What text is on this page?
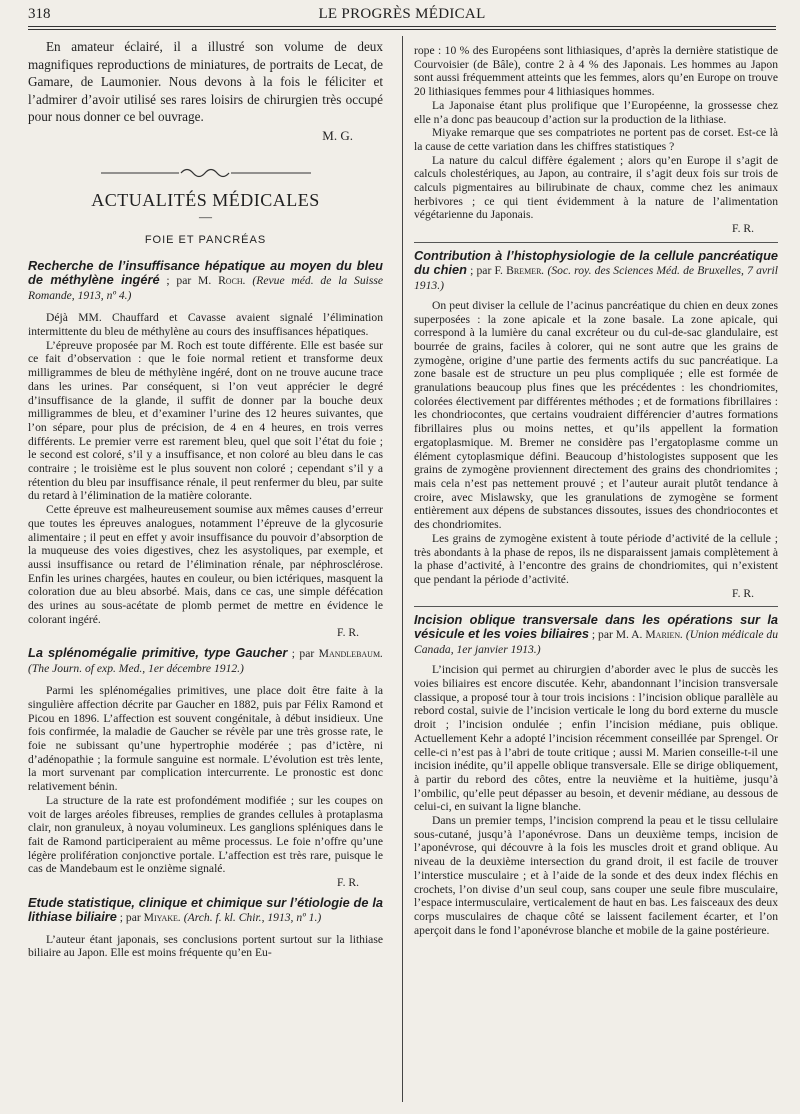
318	LE PROGRÈS MÉDICAL

En amateur éclairé, il a illustré son volume de deux magnifiques reproductions de miniatures, de portraits de Lecat, de Gamare, de Laumonier. Nous devons à la fois le féliciter et l’admirer d’avoir utilisé ses rares loisirs de chirurgien très occupé pour nous donner ce bel ouvrage.

M. G.
ACTUALITÉS MÉDICALES
—
FOIE ET PANCRÉAS

Recherche de l’insuffisance hépatique au moyen du bleu de méthylène ingéré ; par M. Roch. (Revue méd. de la Suisse Romande, 1913, nº 4.)

Déjà MM. Chauffard et Cavasse avaient signalé l’élimination intermittente du bleu de méthylène au cours des insuffisances hépatiques.

L’épreuve proposée par M. Roch est toute différente. Elle est basée sur ce fait d’observation : que le foie normal retient et transforme deux milligrammes de bleu de méthylène ingéré, dont on ne trouve aucune trace dans les urines. Par conséquent, si l’on veut apprécier le degré d’insuffisance de la glande, il suffit de donner par la bouche deux milligrammes de bleu, et d’examiner l’urine des 12 heures suivantes, que l’on sépare, pour plus de précision, de 4 en 4 heures, en trois verres différents. Le premier verre est rarement bleu, quel que soit l’état du foie ; le second est coloré, s’il y a insuffisance, et non coloré au bleu dans le cas contraire ; le troisième est le plus souvent non coloré ; cependant s’il y a rétention du bleu par insuffisance rénale, il peut renfermer du bleu, par suite du retard à l’élimination de la matière colorante.

Cette épreuve est malheureusement soumise aux mêmes causes d’erreur que toutes les épreuves analogues, notamment l’épreuve de la glycosurie alimentaire ; il peut en effet y avoir insuffisance du pouvoir d’absorption de la muqueuse des voies digestives, chez les asystoliques, par exemple, et aussi insuffisance ou retard de l’élimination rénale, par néphrosclérose. Enfin les urines chargées, hautes en couleur, ou bien ictériques, masquent la coloration due au bleu absorbé. Mais, dans ce cas, une simple défécation des urines au sous-acétate de plomb permet de mettre en évidence le colorant ingéré.

F. R.

La splénomégalie primitive, type Gaucher ; par Mandlebaum. (The Journ. of exp. Med., 1er décembre 1912.)

Parmi les splénomégalies primitives, une place doit être faite à la singulière affection décrite par Gaucher en 1882, puis par Félix Ramond et Picou en 1896. L’affection est souvent congénitale, à début insidieux. Une fois confirmée, la maladie de Gaucher se révèle par une très grosse rate, le foie ne subissant qu’une hypertrophie modérée ; pas d’ictère, ni d’adénopathie ; la formule sanguine est normale. L’évolution est très lente, la mort survenant par complication intercurrente. Le pronostic est donc relativement bénin.

La structure de la rate est profondément modifiée ; sur les coupes on voit de larges aréoles fibreuses, remplies de grandes cellules à protaplasma clair, non granuleux, à noyau volumineux. Les ganglions spléniques dans le fait de Ramond participeraient au même processus. Le foie n’offre qu’une légère prolifération conjonctive portale. L’affection est très rare, puisque le cas de Mandebaum est le onzième signalé.

F. R.

Etude statistique, clinique et chimique sur l’étiologie de la lithiase biliaire ; par Miyake. (Arch. f. kl. Chir., 1913, nº 1.)

L’auteur étant japonais, ses conclusions portent surtout sur la lithiase biliaire au Japon. Elle est moins fréquente qu’en Eu-

rope : 10 % des Européens sont lithiasiques, d’après la dernière statistique de Courvoisier (de Bâle), contre 2 à 4 % des Japonais. Les hommes au Japon sont aussi fréquemment atteints que les femmes, alors qu’en Europe on trouve 20 lithiasiques femmes pour 4 lithiasiques hommes.

La Japonaise étant plus prolifique que l’Européenne, la grossesse chez elle n’a donc pas beaucoup d’action sur la production de la lithiase.

Miyake remarque que ses compatriotes ne portent pas de corset. Est-ce là la cause de cette variation dans les chiffres statistiques ?

La nature du calcul diffère également ; alors qu’en Europe il s’agit de calculs cholestériques, au Japon, au contraire, il s’agit deux fois sur trois de calculs pigmentaires au bilirubinate de chaux, comme chez les animaux herbivores ; ce qui tient évidemment à la nature de l’alimentation végétarienne du Japonais.

F. R.

Contribution à l’histophysiologie de la cellule pancréatique du chien ; par F. Bremer. (Soc. roy. des Sciences Méd. de Bruxelles, 7 avril 1913.)

On peut diviser la cellule de l’acinus pancréatique du chien en deux zones superposées : la zone apicale et la zone basale. La zone apicale, qui correspond à la lumière du canal excréteur ou du cul-de-sac glandulaire, est bourrée de grains, faciles à colorer, qui ne sont autre que les grains de zymogène, origine d’une partie des ferments actifs du suc pancréatique. La zone basale est de structure un peu plus compliquée ; elle est formée de granulations beaucoup plus fines que les précédentes : les chondriomites, colorées électivement par différentes méthodes ; et de formations fibrillaires : les chondriocontes, que certains voudraient différencier d’autres formations fibrillaires plus ou moins nettes, et qu’ils appellent la formation ergatoplasmique. M. Bremer ne considère pas l’ergatoplasme comme un élément cytoplasmique défini. Beaucoup d’histologistes supposent que les grains de zymogène proviennent directement des grains des chondriomites ; mais cela n’est pas nettement prouvé ; et l’auteur aurait plutôt tendance à croire, avec Mislawsky, que les granulations de zymogène se forment entièrement aux dépens de substances dissoutes, issues des chondriocontes et des chondriomites.

Les grains de zymogène existent à toute période d’activité de la cellule ; très abondants à la phase de repos, ils ne disparaissent jamais complètement à la phase d’activité, à l’encontre des grains de chondriomites, qui n’existent que pendant la période d’activité.

F. R.

Incision oblique transversale dans les opérations sur la vésicule et les voies biliaires ; par M. A. Marien. (Union médicale du Canada, 1er janvier 1913.)

L’incision qui permet au chirurgien d’aborder avec le plus de succès les voies biliaires est encore discutée. Kehr, abandonnant l’incision transversale classique, a proposé tour à tour trois incisions : l’incision oblique parallèle au rebord costal, suivie de l’incision verticale le long du bord externe du muscle droit ; l’incision ondulée ; enfin l’incision médiane, puis oblique. Actuellement Kehr a adopté l’incision récemment conseillée par Sprengel. Or celle-ci n’est pas à l’abri de toute critique ; aussi M. Marien conseille-t-il une incision inédite, qu’il appelle oblique transversale. Elle se dirige obliquement, à partir du rebord des côtes, entre la neuvième et la huitième, jusqu’à l’ombilic, qu’elle peut dépasser au besoin, et devenir médiane, au dessous de celui-ci, en suivant la ligne blanche.

Dans un premier temps, l’incision comprend la peau et le tissu cellulaire sous-cutané, jusqu’à l’aponévrose. Dans un deuxième temps, incision de l’aponévrose, qui découvre à la fois les muscles droit et grand oblique. Au niveau de la deuxième intersection du grand droit, il est facile de trouver l’interstice musculaire ; et à l’aide de la sonde et des deux index fléchis en crochets, l’on divise d’un seul coup, sans couper une seule fibre musculaire, l’espace intermusculaire, verticalement de haut en bas. Les faisceaux des deux corps musculaires de chaque côté se laissent facilement écarter, et l’on aperçoit dans le fond l’aponévrose blanche et mobile de la gaine postérieure.
